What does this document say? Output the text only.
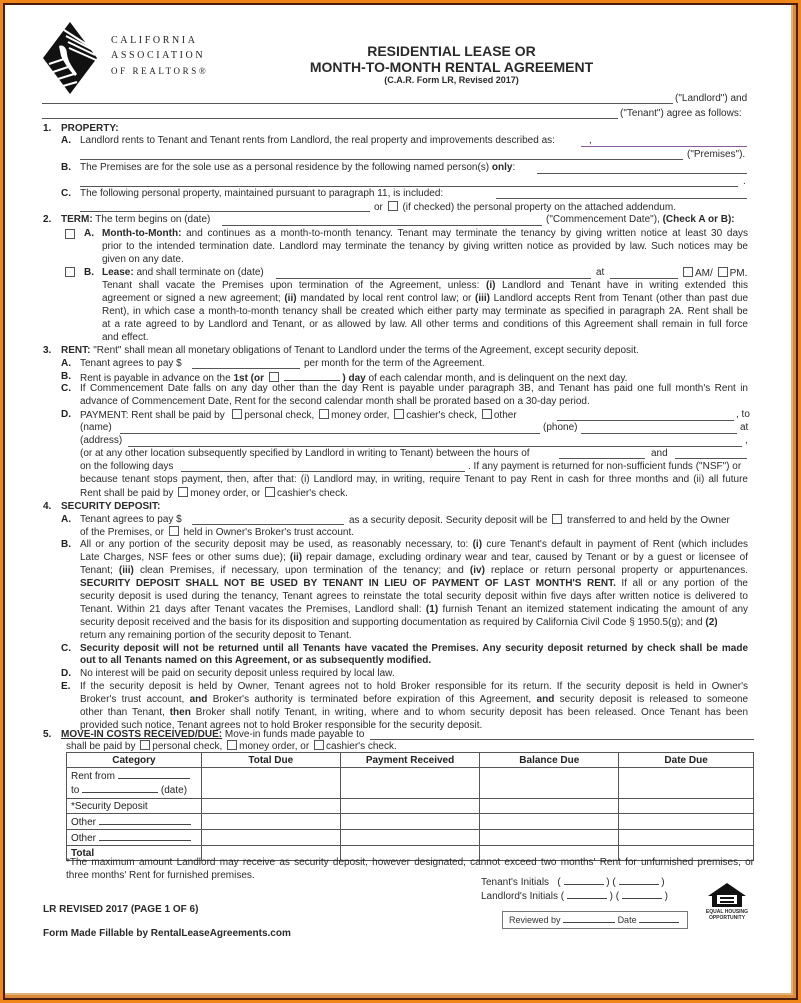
CALIFORNIA
ASSOCIATION
OF REALTORS®
RESIDENTIAL LEASE OR
MONTH-TO-MONTH RENTAL AGREEMENT
(C.A.R. Form LR, Revised 2017)
("Landlord") and
("Tenant") agree as follows:
1. PROPERTY:
A. Landlord rents to Tenant and Tenant rents from Landlord, the real property and improvements described as:	,
("Premises").
B. The Premises are for the sole use as a personal residence by the following named person(s) only:
.
C. The following personal property, maintained pursuant to paragraph 11, is included:
or (if checked) the personal property on the attached addendum.
2. TERM: The term begins on (date)	("Commencement Date"), (Check A or B):
A. Month-to-Month: and continues as a month-to-month tenancy. Tenant may terminate the tenancy by giving written notice at least 30 days
prior to the intended termination date. Landlord may terminate the tenancy by giving written notice as provided by law. Such notices may be
given on any date.
B. Lease: and shall terminate on (date)	at	AM/ PM.
Tenant shall vacate the Premises upon termination of the Agreement, unless: (i) Landlord and Tenant have in writing extended this
agreement or signed a new agreement; (ii) mandated by local rent control law; or (iii) Landlord accepts Rent from Tenant (other than past due
Rent), in which case a month-to-month tenancy shall be created which either party may terminate as specified in paragraph 2A. Rent shall be
at a rate agreed to by Landlord and Tenant, or as allowed by law. All other terms and conditions of this Agreement shall remain in full force
and effect.
3. RENT: "Rent" shall mean all monetary obligations of Tenant to Landlord under the terms of the Agreement, except security deposit.
A. Tenant agrees to pay $	per month for the term of the Agreement.
B. Rent is payable in advance on the 1st (or	) day of each calendar month, and is delinquent on the next day.
C. If Commencement Date falls on any day other than the day Rent is payable under paragraph 3B, and Tenant has paid one full month's Rent in
advance of Commencement Date, Rent for the second calendar month shall be prorated based on a 30-day period.
D. PAYMENT: Rent shall be paid by personal check, money order, cashier's check, other	, to
(name)	(phone)	at
(address)	,
(or at any other location subsequently specified by Landlord in writing to Tenant) between the hours of	and
on the following days	. If any payment is returned for non-sufficient funds ("NSF") or
because tenant stops payment, then, after that: (i) Landlord may, in writing, require Tenant to pay Rent in cash for three months and (ii) all future
Rent shall be paid by money order, or cashier's check.
4. SECURITY DEPOSIT:
A. Tenant agrees to pay $	as a security deposit. Security deposit will be transferred to and held by the Owner
of the Premises, or held in Owner's Broker's trust account.
B. All or any portion of the security deposit may be used, as reasonably necessary, to: (i) cure Tenant's default in payment of Rent (which includes
Late Charges, NSF fees or other sums due); (ii) repair damage, excluding ordinary wear and tear, caused by Tenant or by a guest or licensee of
Tenant; (iii) clean Premises, if necessary, upon termination of the tenancy; and (iv) replace or return personal property or appurtenances.
SECURITY DEPOSIT SHALL NOT BE USED BY TENANT IN LIEU OF PAYMENT OF LAST MONTH'S RENT. If all or any portion of the
security deposit is used during the tenancy, Tenant agrees to reinstate the total security deposit within five days after written notice is delivered to
Tenant. Within 21 days after Tenant vacates the Premises, Landlord shall: (1) furnish Tenant an itemized statement indicating the amount of any
security deposit received and the basis for its disposition and supporting documentation as required by California Civil Code § 1950.5(g); and (2)
return any remaining portion of the security deposit to Tenant.
C. Security deposit will not be returned until all Tenants have vacated the Premises. Any security deposit returned by check shall be made
out to all Tenants named on this Agreement, or as subsequently modified.
D. No interest will be paid on security deposit unless required by local law.
E. If the security deposit is held by Owner, Tenant agrees not to hold Broker responsible for its return. If the security deposit is held in Owner's
Broker's trust account, and Broker's authority is terminated before expiration of this Agreement, and security deposit is released to someone
other than Tenant, then Broker shall notify Tenant, in writing, where and to whom security deposit has been released. Once Tenant has been
provided such notice, Tenant agrees not to hold Broker responsible for the security deposit.
5. MOVE-IN COSTS RECEIVED/DUE: Move-in funds made payable to
shall be paid by personal check, money order, or cashier's check.
Category	Total Due	Payment Received	Balance Due	Date Due

Rent from
to (date)				

*Security Deposit				
Other				
Other				
Total				
*The maximum amount Landlord may receive as security deposit, however designated, cannot exceed two months' Rent for unfurnished premises, or
three months' Rent for furnished premises.
Tenant's Initials   (	) (	)
Landlord's Initials (	) (	)
Reviewed by	Date
EQUAL HOUSING
OPPORTUNITY
LR REVISED 2017 (PAGE 1 OF 6)
Form Made Fillable by RentalLeaseAgreements.com
